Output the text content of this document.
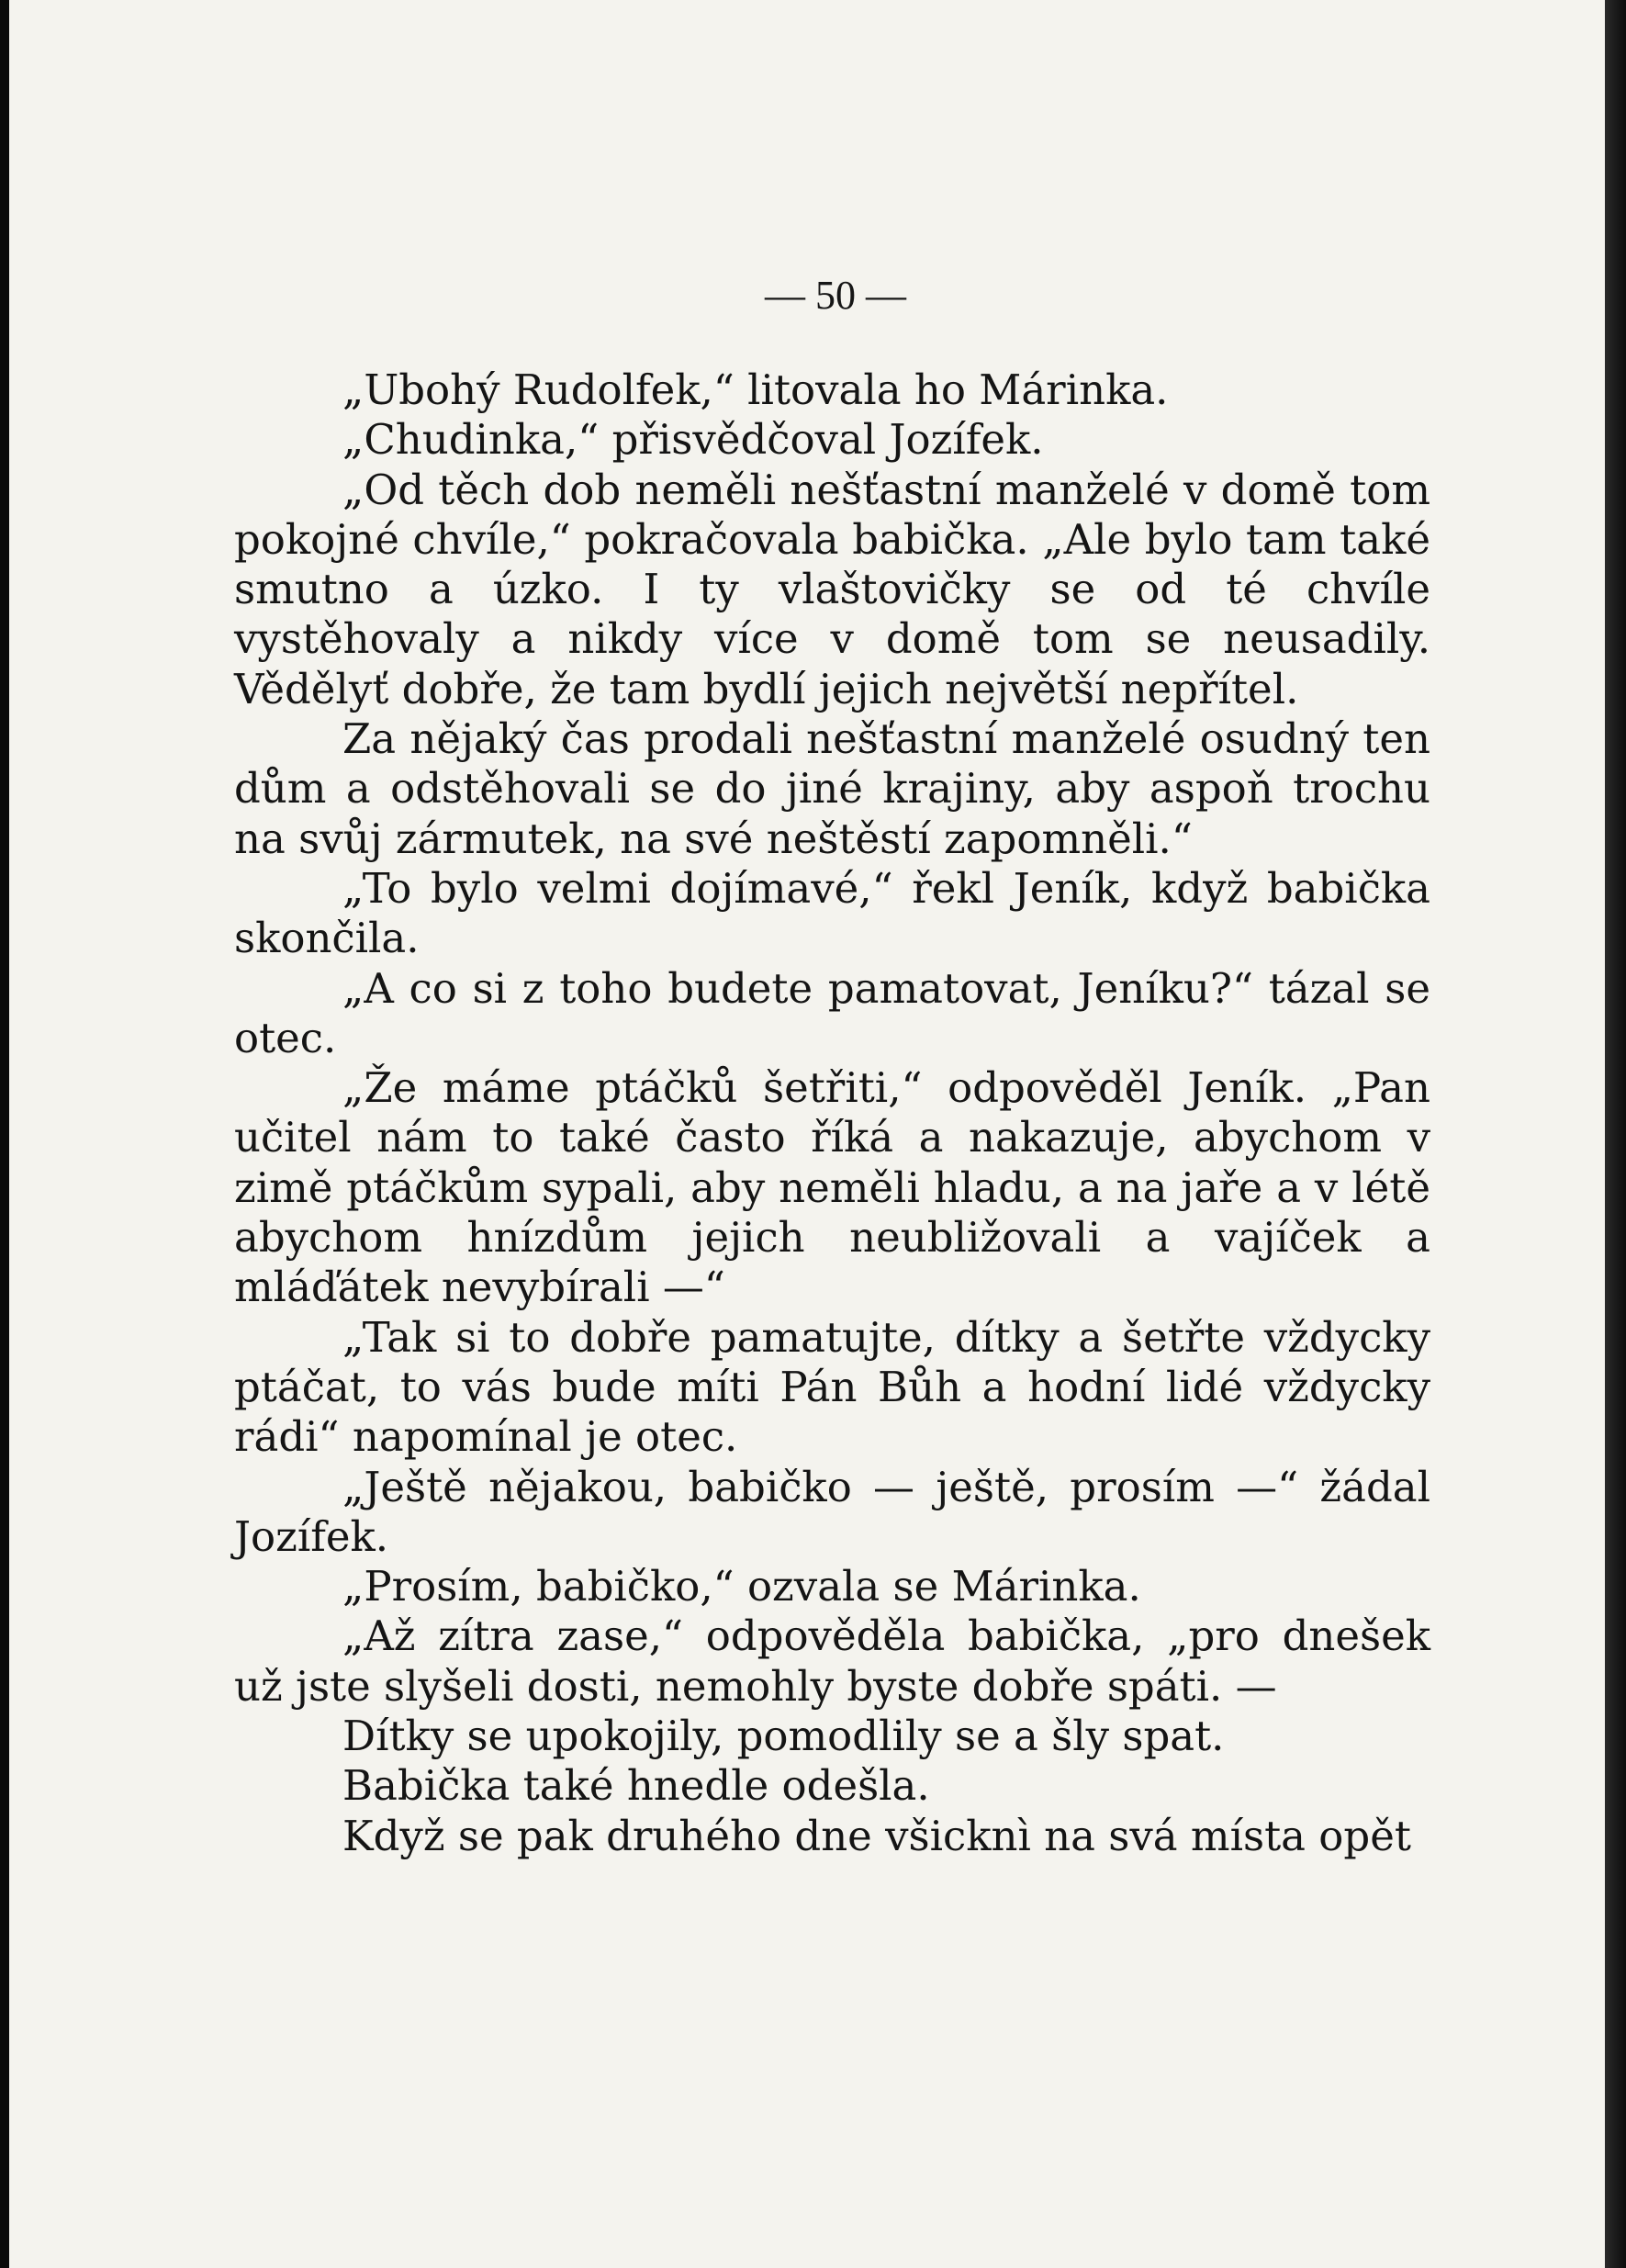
— 50 —

„Ubohý Rudolfek,“ litovala ho Márinka.

„Chudinka,“ přisvědčoval Jozífek.

„Od těch dob neměli nešťastní manželé v domě tom pokojné chvíle,“ pokračovala babička. „Ale bylo tam také smutno a úzko. I ty vlaštovičky se od té chvíle vystěhovaly a nikdy více v domě tom se neusadily. Vědělyť dobře, že tam bydlí jejich největší nepřítel.

Za nějaký čas prodali nešťastní manželé osudný ten dům a odstěhovali se do jiné krajiny, aby aspoň trochu na svůj zármutek, na své neštěstí zapomněli.“

„To bylo velmi dojímavé,“ řekl Jeník, když babička skončila.

„A co si z toho budete pamatovat, Jeníku?“ tázal se otec.

„Že máme ptáčků šetřiti,“ odpověděl Jeník. „Pan učitel nám to také často říká a nakazuje, abychom v zimě ptáčkům sypali, aby neměli hladu, a na jaře a v létě abychom hnízdům jejich neubližovali a vajíček a mláďátek nevybírali —“

„Tak si to dobře pamatujte, dítky a šetřte vždycky ptáčat, to vás bude míti Pán Bůh a hodní lidé vždycky rádi“ napomínal je otec.

„Ještě nějakou, babičko — ještě, prosím —“ žádal Jozífek.

„Prosím, babičko,“ ozvala se Márinka.

„Až zítra zase,“ odpověděla babička, „pro dnešek už jste slyšeli dosti, nemohly byste dobře spáti. —

Dítky se upokojily, pomodlily se a šly spat.

Babička také hnedle odešla.

Když se pak druhého dne všicknì na svá místa opět
